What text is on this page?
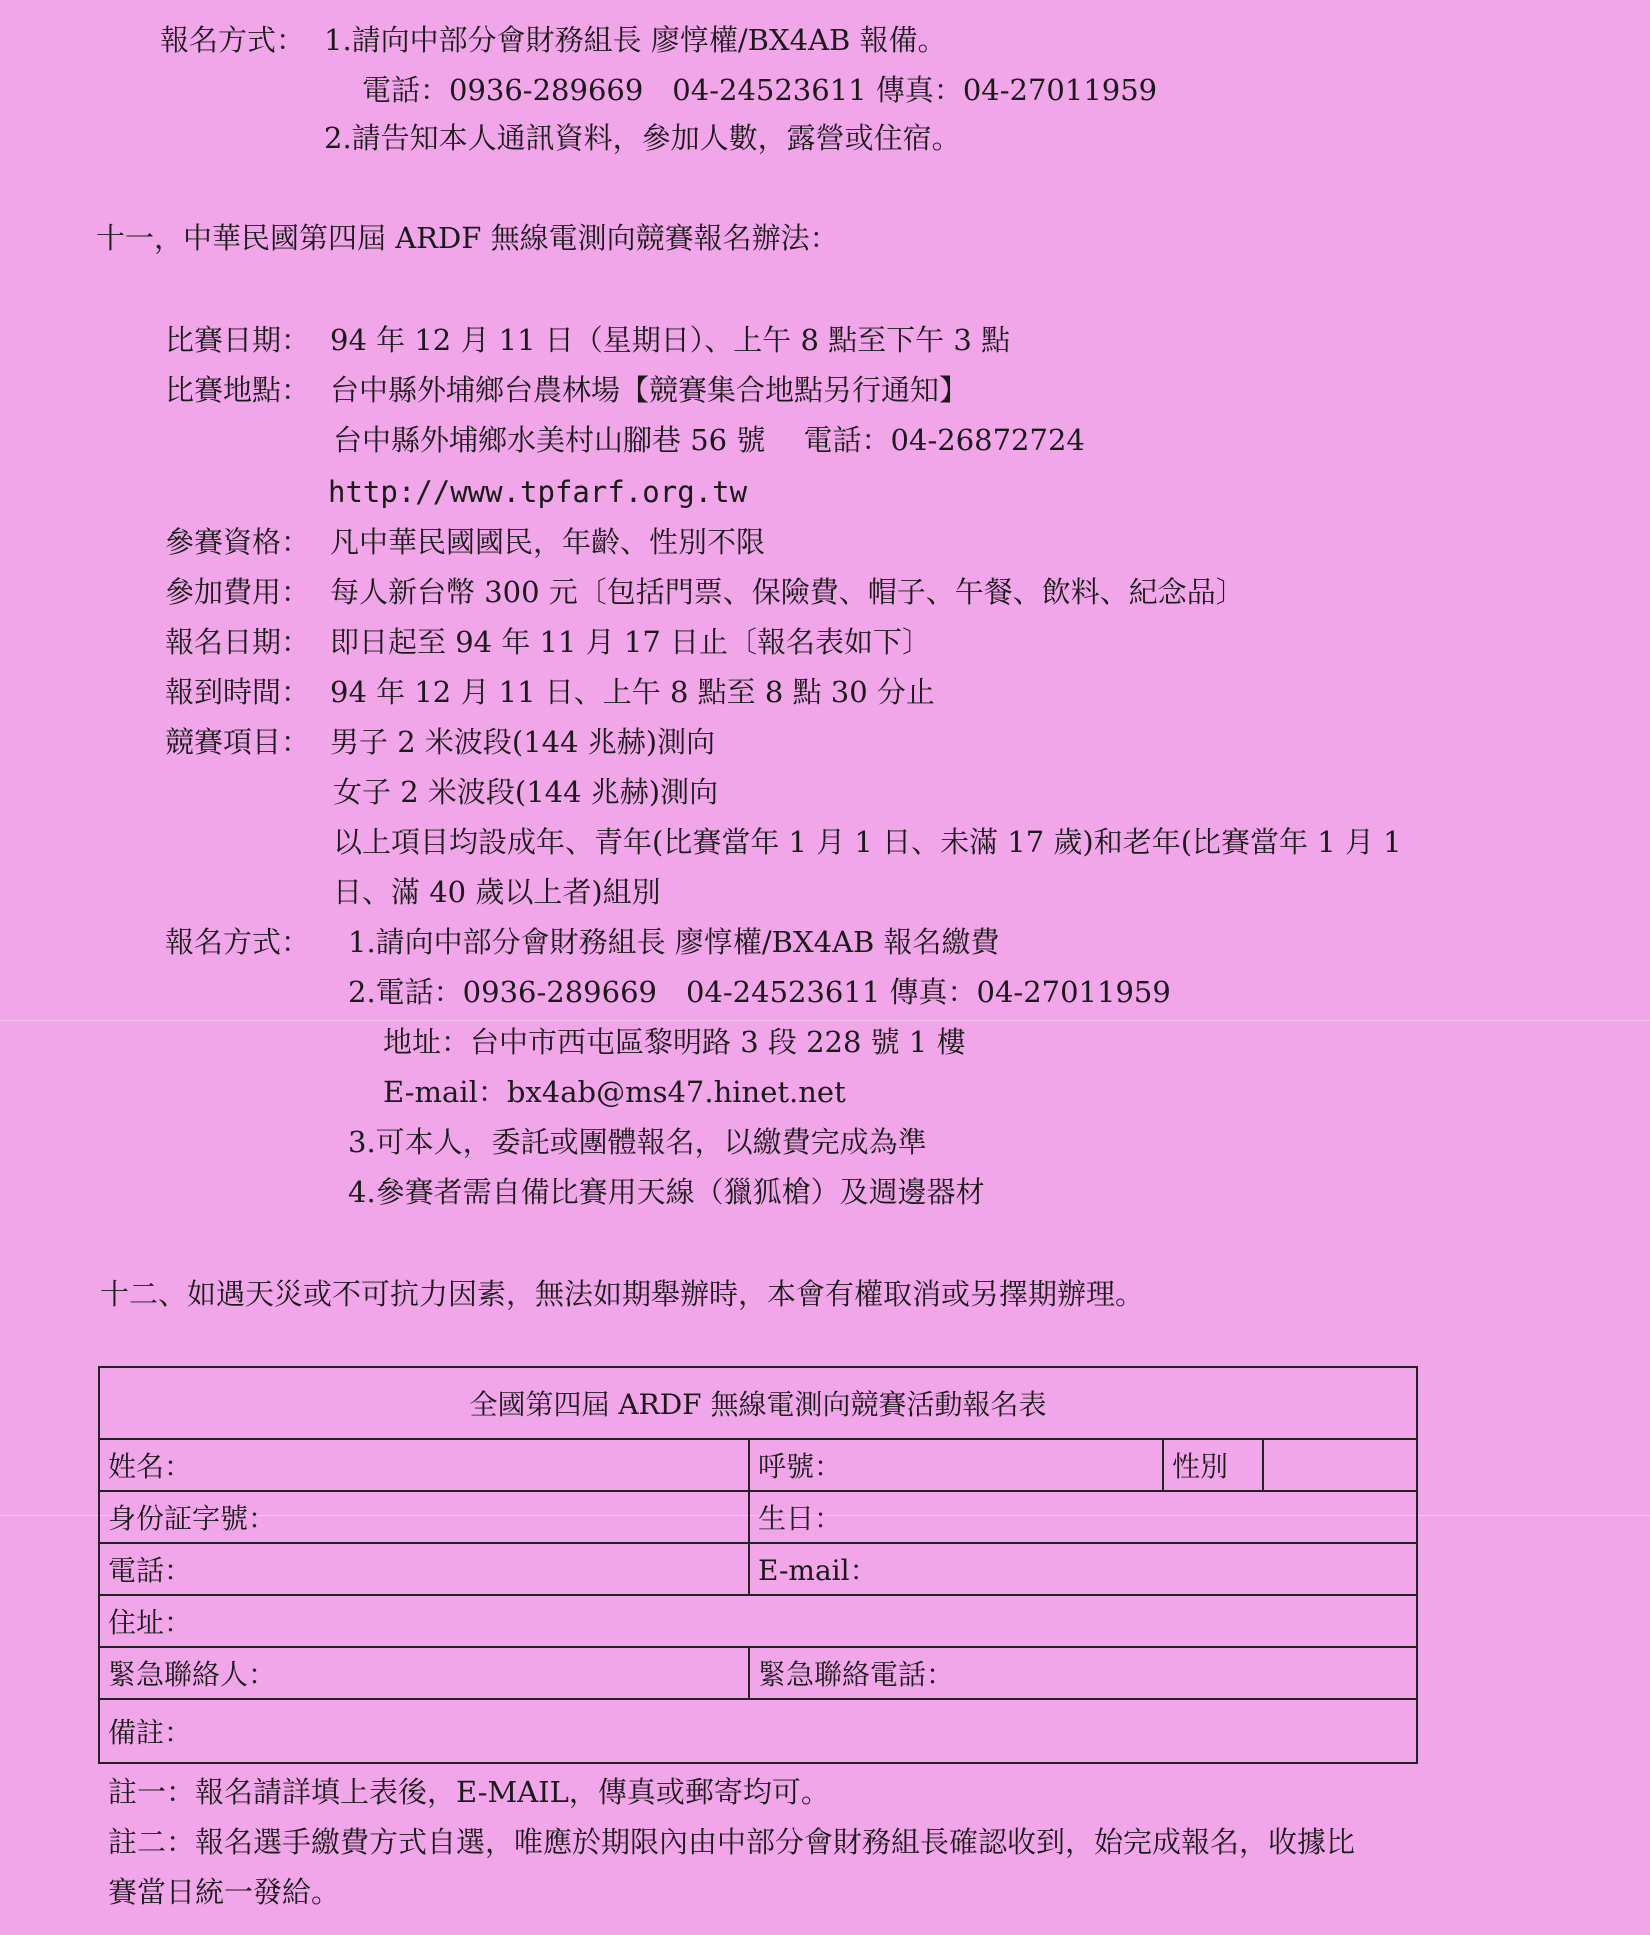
報名方式： 1.請向中部分會財務組長 廖惇權/BX4AB 報備。
電話：0936-289669　04-24523611 傳真：04-27011959
2.請告知本人通訊資料，參加人數，露營或住宿。
十一，中華民國第四屆 ARDF 無線電測向競賽報名辦法：
比賽日期： 94 年 12 月 11 日（星期日）、上午 8 點至下午 3 點
比賽地點： 台中縣外埔鄉台農林場【競賽集合地點另行通知】
台中縣外埔鄉水美村山腳巷 56 號　 電話：04-26872724
http://www.tpfarf.org.tw
參賽資格： 凡中華民國國民，年齡、性別不限
參加費用： 每人新台幣 300 元〔包括門票、保險費、帽子、午餐、飲料、紀念品〕
報名日期： 即日起至 94 年 11 月 17 日止〔報名表如下〕
報到時間： 94 年 12 月 11 日、上午 8 點至 8 點 30 分止
競賽項目： 男子 2 米波段(144 兆赫)測向
女子 2 米波段(144 兆赫)測向
以上項目均設成年、青年(比賽當年 1 月 1 日、未滿 17 歲)和老年(比賽當年 1 月 1
日、滿 40 歲以上者)組別
報名方式： 1.請向中部分會財務組長 廖惇權/BX4AB 報名繳費
2.電話：0936-289669　04-24523611 傳真：04-27011959
地址：台中市西屯區黎明路 3 段 228 號 1 樓
E-mail：bx4ab@ms47.hinet.net
3.可本人，委託或團體報名，以繳費完成為準
4.參賽者需自備比賽用天線（獵狐槍）及週邊器材
十二、如遇天災或不可抗力因素，無法如期舉辦時，本會有權取消或另擇期辦理。
全國第四屆 ARDF 無線電測向競賽活動報名表			
姓名：	呼號：	性別	
身份証字號：	生日：		
電話：	E-mail：		
住址：			
緊急聯絡人：	緊急聯絡電話：		
備註：			
註一：報名請詳填上表後，E-MAIL，傳真或郵寄均可。
註二：報名選手繳費方式自選，唯應於期限內由中部分會財務組長確認收到，始完成報名，收據比
賽當日統一發給。
